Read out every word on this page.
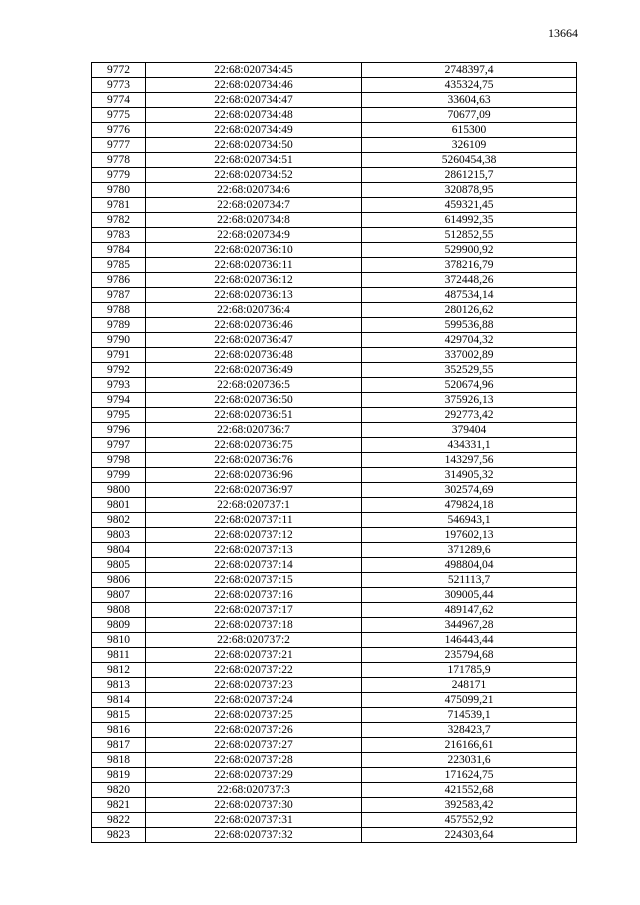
13664
9772	22:68:020734:45	2748397,4
9773	22:68:020734:46	435324,75
9774	22:68:020734:47	33604,63
9775	22:68:020734:48	70677,09
9776	22:68:020734:49	615300
9777	22:68:020734:50	326109
9778	22:68:020734:51	5260454,38
9779	22:68:020734:52	2861215,7
9780	22:68:020734:6	320878,95
9781	22:68:020734:7	459321,45
9782	22:68:020734:8	614992,35
9783	22:68:020734:9	512852,55
9784	22:68:020736:10	529900,92
9785	22:68:020736:11	378216,79
9786	22:68:020736:12	372448,26
9787	22:68:020736:13	487534,14
9788	22:68:020736:4	280126,62
9789	22:68:020736:46	599536,88
9790	22:68:020736:47	429704,32
9791	22:68:020736:48	337002,89
9792	22:68:020736:49	352529,55
9793	22:68:020736:5	520674,96
9794	22:68:020736:50	375926,13
9795	22:68:020736:51	292773,42
9796	22:68:020736:7	379404
9797	22:68:020736:75	434331,1
9798	22:68:020736:76	143297,56
9799	22:68:020736:96	314905,32
9800	22:68:020736:97	302574,69
9801	22:68:020737:1	479824,18
9802	22:68:020737:11	546943,1
9803	22:68:020737:12	197602,13
9804	22:68:020737:13	371289,6
9805	22:68:020737:14	498804,04
9806	22:68:020737:15	521113,7
9807	22:68:020737:16	309005,44
9808	22:68:020737:17	489147,62
9809	22:68:020737:18	344967,28
9810	22:68:020737:2	146443,44
9811	22:68:020737:21	235794,68
9812	22:68:020737:22	171785,9
9813	22:68:020737:23	248171
9814	22:68:020737:24	475099,21
9815	22:68:020737:25	714539,1
9816	22:68:020737:26	328423,7
9817	22:68:020737:27	216166,61
9818	22:68:020737:28	223031,6
9819	22:68:020737:29	171624,75
9820	22:68:020737:3	421552,68
9821	22:68:020737:30	392583,42
9822	22:68:020737:31	457552,92
9823	22:68:020737:32	224303,64
